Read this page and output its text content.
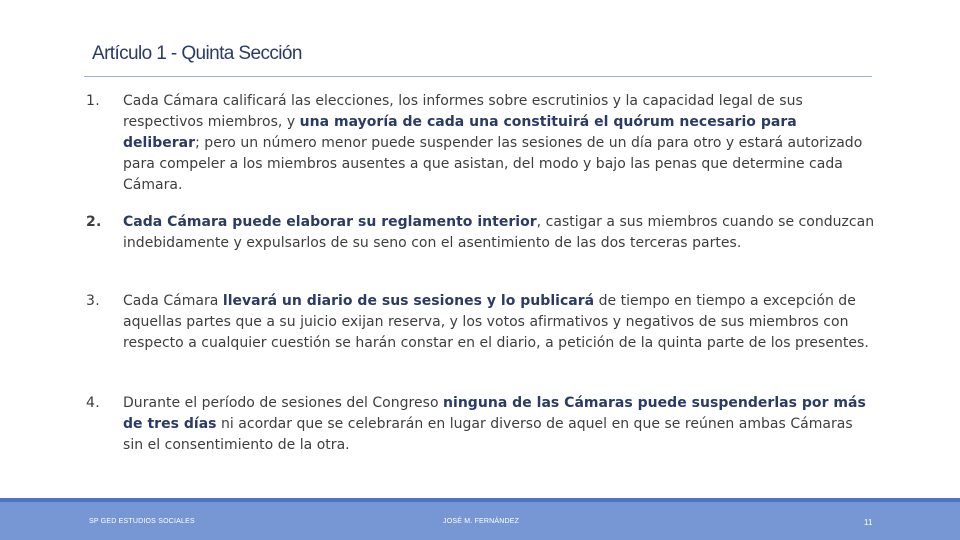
Artículo 1 - Quinta Sección
1.	Cada Cámara calificará las elecciones, los informes sobre escrutinios y la capacidad legal de sus respectivos miembros, y una mayoría de cada una constituirá el quórum necesario para deliberar; pero un número menor puede suspender las sesiones de un día para otro y estará autorizado para compeler a los miembros ausentes a que asistan, del modo y bajo las penas que determine cada Cámara.
2.	Cada Cámara puede elaborar su reglamento interior, castigar a sus miembros cuando se conduzcan indebidamente y expulsarlos de su seno con el asentimiento de las dos terceras partes.
3.	Cada Cámara llevará un diario de sus sesiones y lo publicará de tiempo en tiempo a excepción de aquellas partes que a su juicio exijan reserva, y los votos afirmativos y negativos de sus miembros con respecto a cualquier cuestión se harán constar en el diario, a petición de la quinta parte de los presentes.
4.	Durante el período de sesiones del Congreso ninguna de las Cámaras puede suspenderlas por más de tres días ni acordar que se celebrarán en lugar diverso de aquel en que se reúnen ambas Cámaras sin el consentimiento de la otra.
SP GED ESTUDIOS SOCIALES	JOSÉ M. FERNÁNDEZ	11
